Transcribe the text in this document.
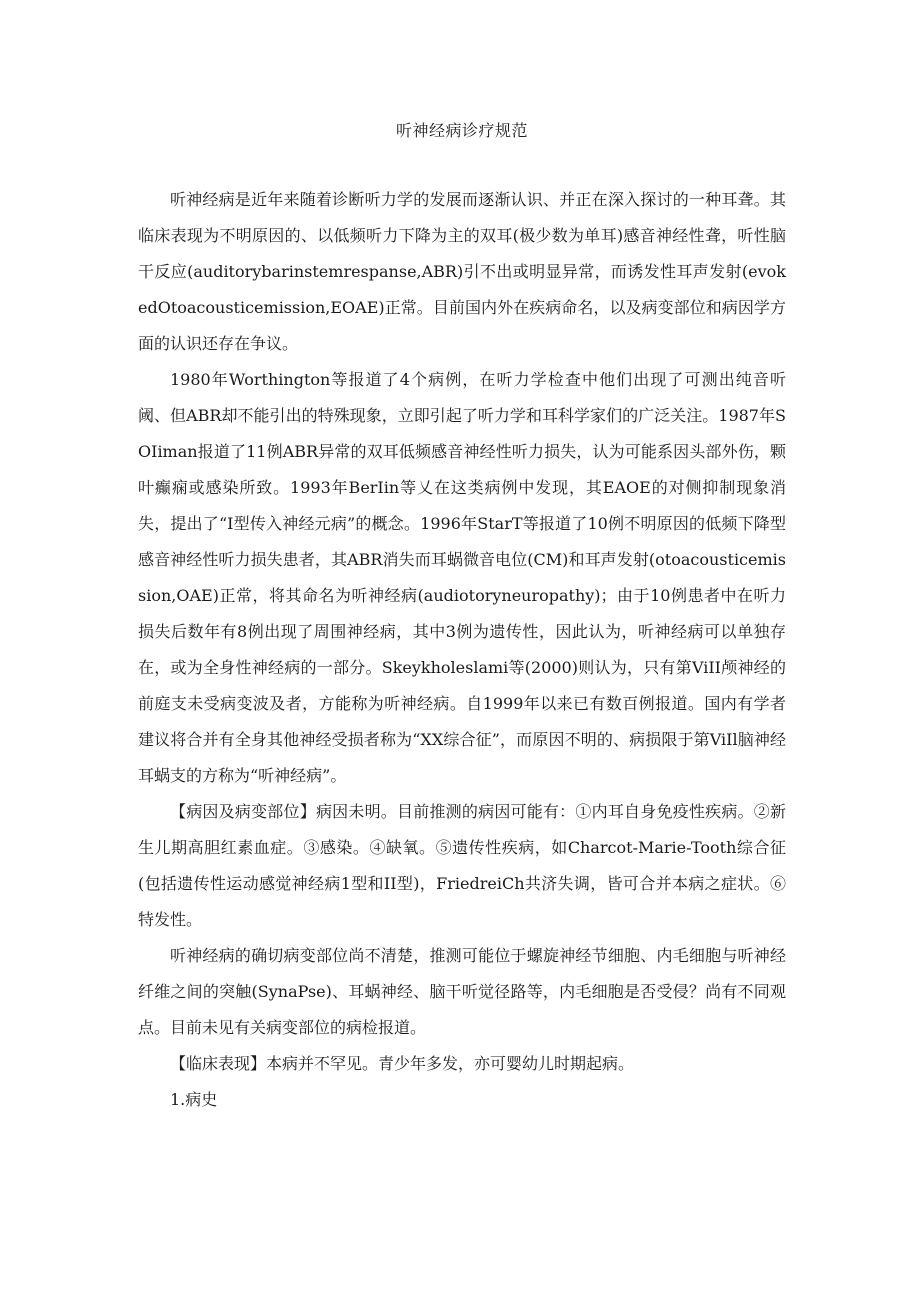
听神经病诊疗规范

听神经病是近年来随着诊断听力学的发展而逐渐认识、并正在深入探讨的一种耳聋。其临床表现为不明原因的、以低频听力下降为主的双耳(极少数为单耳)感音神经性聋，听性脑干反应(auditorybarinstemrespanse,ABR)引不出或明显异常，而诱发性耳声发射(evokedOtoacousticemission,EOAE)正常。目前国内外在疾病命名，以及病变部位和病因学方面的认识还存在争议。

1980年Worthington等报道了4个病例，在听力学检查中他们出现了可测出纯音听阈、但ABR却不能引出的特殊现象，立即引起了听力学和耳科学家们的广泛关注。1987年SOIiman报道了11例ABR异常的双耳低频感音神经性听力损失，认为可能系因头部外伤，颗叶癫痫或感染所致。1993年BerIin等乂在这类病例中发现，其EAOE的对侧抑制现象消失，提出了“I型传入神经元病”的概念。1996年StarT等报道了10例不明原因的低频下降型感音神经性听力损失患者，其ABR消失而耳蜗微音电位(CM)和耳声发射(otoacousticemission,OAE)正常，将其命名为听神经病(audiotoryneuropathy)；由于10例患者中在听力损失后数年有8例出现了周围神经病，其中3例为遗传性，因此认为，听神经病可以单独存在，或为全身性神经病的一部分。Skeykholeslami等(2000)则认为，只有第ViII颅神经的前庭支未受病变波及者，方能称为听神经病。自1999年以来已有数百例报道。国内有学者建议将合并有全身其他神经受损者称为“XX综合征”，而原因不明的、病损限于第ViIl脑神经耳蜗支的方称为“听神经病”。

【病因及病变部位】病因未明。目前推测的病因可能有：①内耳自身免疫性疾病。②新生儿期高胆红素血症。③感染。④缺氧。⑤遗传性疾病，如Charcot-Marie-Tooth综合征(包括遗传性运动感觉神经病1型和II型)，FriedreiCh共济失调，皆可合并本病之症状。⑥特发性。

听神经病的确切病变部位尚不清楚，推测可能位于螺旋神经节细胞、内毛细胞与听神经纤维之间的突触(SynaPse)、耳蜗神经、脑干听觉径路等，内毛细胞是否受侵？尚有不同观点。目前未见有关病变部位的病检报道。

【临床表现】本病并不罕见。青少年多发，亦可婴幼儿时期起病。

1.病史
